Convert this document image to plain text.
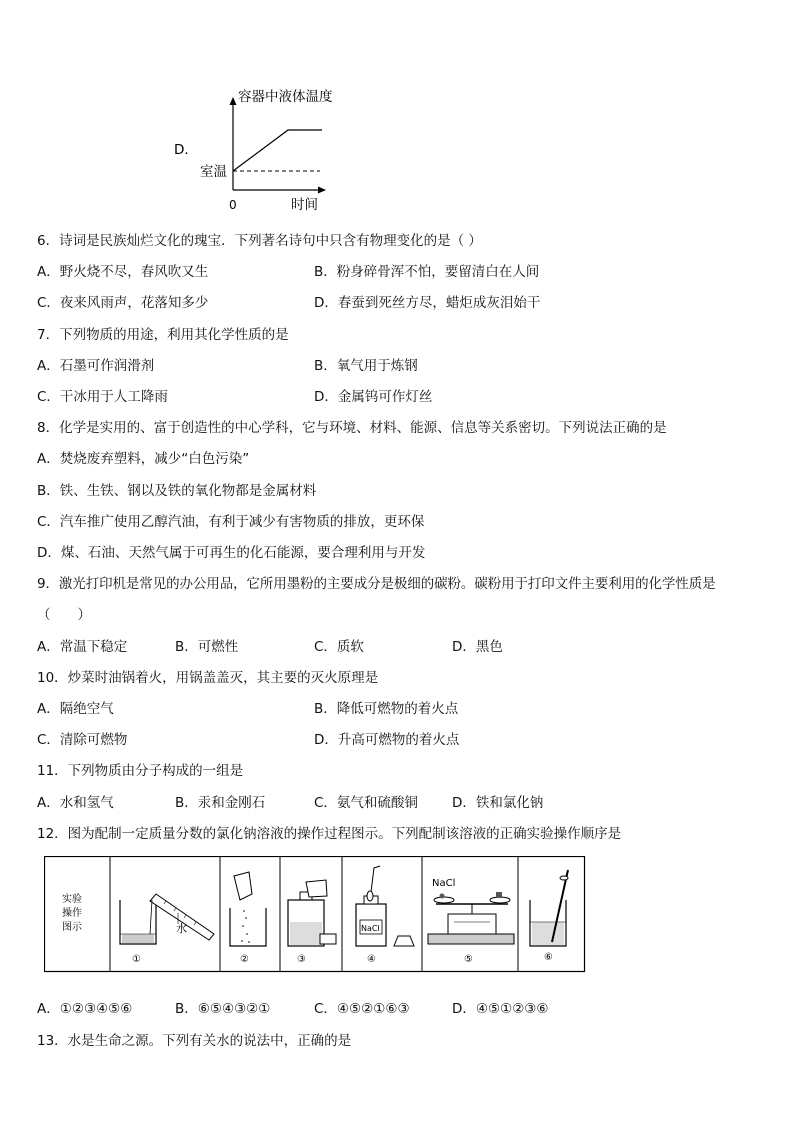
容器中液体温度
D．
室温
0	时间
6．诗词是民族灿烂文化的瑰宝．下列著名诗句中只含有物理变化的是（ ）
A．野火烧不尽，春风吹又生	B．粉身碎骨浑不怕，要留清白在人间
C．夜来风雨声，花落知多少	D．春蚕到死丝方尽，蜡炬成灰泪始干
7．下列物质的用途，利用其化学性质的是
A．石墨可作润滑剂	B．氧气用于炼钢
C．干冰用于人工降雨	D．金属钨可作灯丝
8．化学是实用的、富于创造性的中心学科，它与环境、材料、能源、信息等关系密切。下列说法正确的是
A．焚烧废弃塑料，减少“白色污染”
B．铁、生铁、钢以及铁的氧化物都是金属材料
C．汽车推广使用乙醇汽油，有利于减少有害物质的排放，更环保
D．煤、石油、天然气属于可再生的化石能源，要合理利用与开发
9．激光打印机是常见的办公用品，它所用墨粉的主要成分是极细的碳粉。碳粉用于打印文件主要利用的化学性质是
（　　）
A．常温下稳定	B．可燃性	C．质软	D．黑色
10．炒菜时油锅着火，用锅盖盖灭，其主要的灭火原理是
A．隔绝空气	B．降低可燃物的着火点
C．清除可燃物	D．升高可燃物的着火点
11．下列物质由分子构成的一组是
A．水和氢气	B．汞和金刚石	C．氨气和硫酸铜	D．铁和氯化钠
12．图为配制一定质量分数的氯化钠溶液的操作过程图示。下列配制该溶液的正确实验操作顺序是
实验
操作
图示	水	NaCl
NaCl
①	②	③	④	⑤	⑥
A．①②③④⑤⑥	B．⑥⑤④③②①	C．④⑤②①⑥③	D．④⑤①②③⑥
13．水是生命之源。下列有关水的说法中，正确的是
